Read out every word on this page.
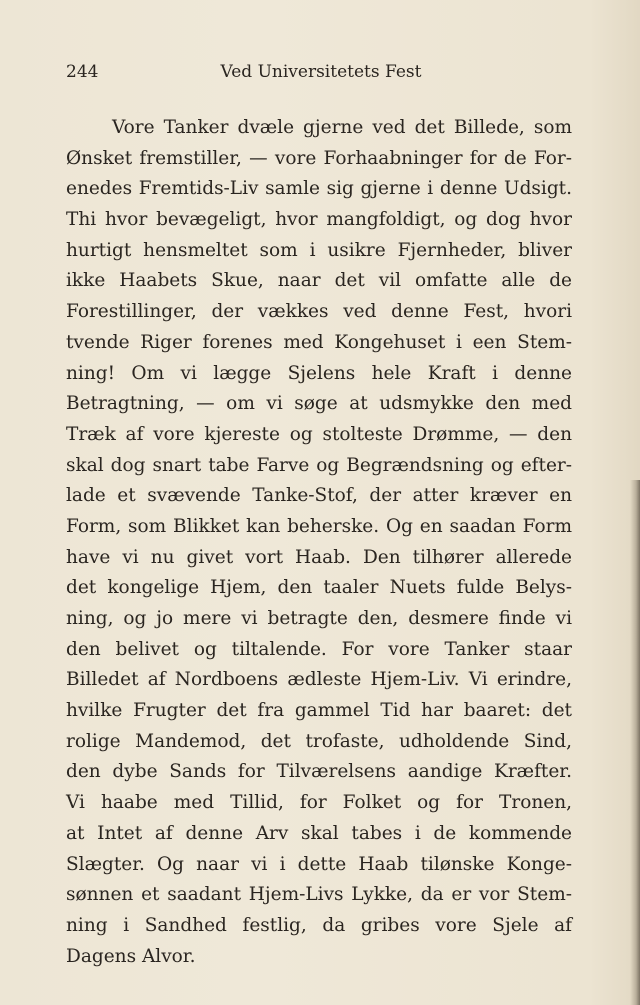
244	Ved Universitetets Fest
Vore Tanker dvæle gjerne ved det Billede, som
Ønsket fremstiller, — vore Forhaabninger for de For-
enedes Fremtids-Liv samle sig gjerne i denne Udsigt.
Thi hvor bevægeligt, hvor mangfoldigt, og dog hvor
hurtigt hensmeltet som i usikre Fjernheder, bliver
ikke Haabets Skue, naar det vil omfatte alle de
Forestillinger, der vækkes ved denne Fest, hvori
tvende Riger forenes med Kongehuset i een Stem-
ning! Om vi lægge Sjelens hele Kraft i denne
Betragtning, — om vi søge at udsmykke den med
Træk af vore kjereste og stolteste Drømme, — den
skal dog snart tabe Farve og Begrændsning og efter-
lade et svævende Tanke-Stof, der atter kræver en
Form, som Blikket kan beherske. Og en saadan Form
have vi nu givet vort Haab. Den tilhører allerede
det kongelige Hjem, den taaler Nuets fulde Belys-
ning, og jo mere vi betragte den, desmere finde vi
den belivet og tiltalende. For vore Tanker staar
Billedet af Nordboens ædleste Hjem-Liv. Vi erindre,
hvilke Frugter det fra gammel Tid har baaret: det
rolige Mandemod, det trofaste, udholdende Sind,
den dybe Sands for Tilværelsens aandige Kræfter.
Vi haabe med Tillid, for Folket og for Tronen,
at Intet af denne Arv skal tabes i de kommende
Slægter. Og naar vi i dette Haab tilønske Konge-
sønnen et saadant Hjem-Livs Lykke, da er vor Stem-
ning i Sandhed festlig, da gribes vore Sjele af
Dagens Alvor.
